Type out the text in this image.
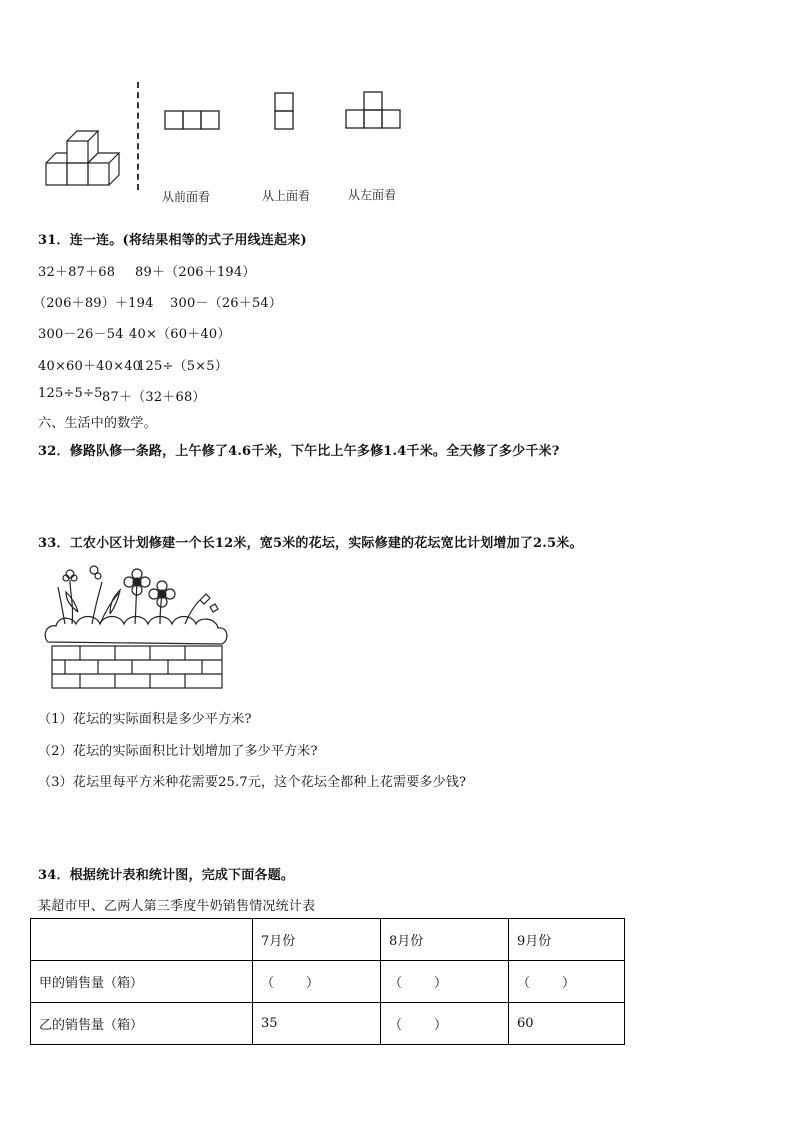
从前面看	从上面看	从左面看
31．连一连。(将结果相等的式子用线连起来)
32＋87＋68 89＋（206＋194）
（206＋89）＋194 300－（26＋54）
300－26－54 40×（60＋40）
40×60＋40×40
125÷（5×5）
125÷5÷5 87＋（32＋68）
六、生活中的数学。
32．修路队修一条路，上午修了4.6千米，下午比上午多修1.4千米。全天修了多少千米?
33．工农小区计划修建一个长12米，宽5米的花坛，实际修建的花坛宽比计划增加了2.5米。
（1）花坛的实际面积是多少平方米?
（2）花坛的实际面积比计划增加了多少平方米?
（3）花坛里每平方米种花需要25.7元，这个花坛全都种上花需要多少钱?
34．根据统计表和统计图，完成下面各题。
某超市甲、乙两人第三季度牛奶销售情况统计表
	7月份	8月份	9月份
甲的销售量（箱）	（　　）	（　　）	（　　）
乙的销售量（箱）	35	（　　）	60
